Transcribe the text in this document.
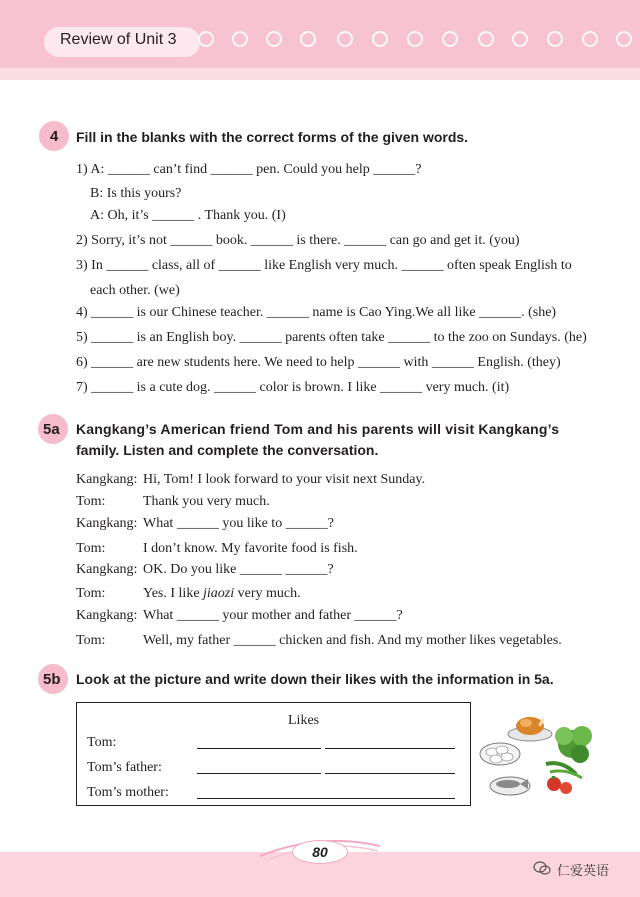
Review of Unit 3
4 Fill in the blanks with the correct forms of the given words.
1) A: ______ can’t find ______ pen. Could you help ______?
B: Is this yours?
A: Oh, it’s ______ . Thank you. (I)
2) Sorry, it’s not ______ book. ______ is there. ______ can go and get it. (you)
3) In ______ class, all of ______ like English very much. ______ often speak English to
each other. (we)
4) ______ is our Chinese teacher. ______ name is Cao Ying.We all like ______. (she)
5) ______ is an English boy. ______ parents often take ______ to the zoo on Sundays. (he)
6) ______ are new students here. We need to help ______ with ______ English. (they)
7) ______ is a cute dog. ______ color is brown. I like ______ very much. (it)
5a Kangkang’s American friend Tom and his parents will visit Kangkang’s
family. Listen and complete the conversation.
Kangkang: Hi, Tom! I look forward to your visit next Sunday.
Tom:	Thank you very much.
Kangkang: What ______ you like to ______?
Tom:	I don’t know. My favorite food is fish.
Kangkang: OK. Do you like ______ ______?
Tom:	Yes. I like jiaozi very much.
Kangkang: What ______ your mother and father ______?
Tom:	Well, my father ______ chicken and fish. And my mother likes vegetables.
5b Look at the picture and write down their likes with the information in 5a.
Likes
Tom:
Tom’s father:
Tom’s mother:
80
仁爱英语
